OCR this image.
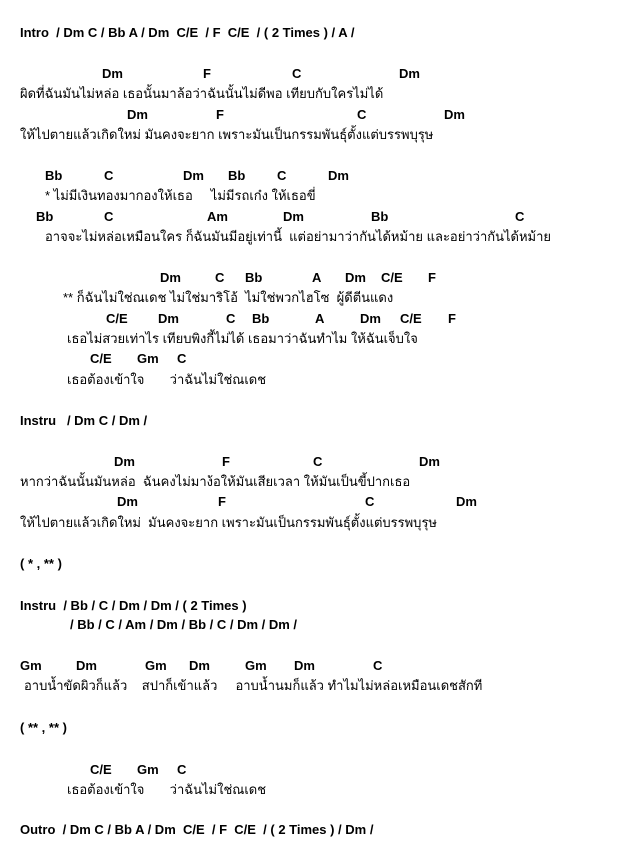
Intro  / Dm C / Bb A / Dm  C/E  / F  C/E  / ( 2 Times ) / A /
Dm	F	C	Dm
ผิดที่ฉันมันไม่หล่อ เธอนั้นมาล้อว่าฉันนั้นไม่ดีพอ เทียบกับใครไม่ได้
Dm	F	C	Dm
ให้ไปตายแล้วเกิดใหม่ มันคงจะยาก เพราะมันเป็นกรรมพันธุ์ตั้งแต่บรรพบุรุษ
Bb	C	Dm Bb C	Dm
* ไม่มีเงินทองมากองให้เธอ     ไม่มีรถเก๋ง ให้เธอขี่
Bb	C	Am	Dm	Bb	C
อาจจะไม่หล่อเหมือนใคร ก็ฉันมันมีอยู่เท่านี้  แต่อย่ามาว่ากันได้หม้าย และอย่าว่ากันได้หม้าย
Dm	C Bb	A Dm C/E F
** ก็ฉันไม่ใช่ณเดช ไม่ใช่มาริโอ้  ไม่ใช่พวกไฮโซ  ผู้ดีตีนแดง
C/E Dm	C Bb	A	Dm C/E F
เธอไม่สวยเท่าไร เทียบพิงกี้ไม่ได้ เธอมาว่าฉันทำไม ให้ฉันเจ็บใจ
C/E Gm C
เธอต้องเข้าใจ       ว่าฉันไม่ใช่ณเดช
Instru   / Dm C / Dm /
Dm	F	C	Dm
หากว่าฉันนั้นมันหล่อ  ฉันคงไม่มาง้อให้มันเสียเวลา ให้มันเป็นขี้ปากเธอ
Dm	F	C	Dm
ให้ไปตายแล้วเกิดใหม่  มันคงจะยาก เพราะมันเป็นกรรมพันธุ์ตั้งแต่บรรพบุรุษ
( * , ** )
Instru  / Bb / C / Dm / Dm / ( 2 Times )
/ Bb / C / Am / Dm / Bb / C / Dm / Dm /
Gm	Dm	Gm Dm	Gm Dm	C
อาบน้ำขัดผิวก็แล้ว    สปาก็เข้าแล้ว     อาบน้ำนมก็แล้ว ทำไมไม่หล่อเหมือนเดชสักที
( ** , ** )
C/E Gm C
เธอต้องเข้าใจ       ว่าฉันไม่ใช่ณเดช
Outro  / Dm C / Bb A / Dm  C/E  / F  C/E  / ( 2 Times ) / Dm /
